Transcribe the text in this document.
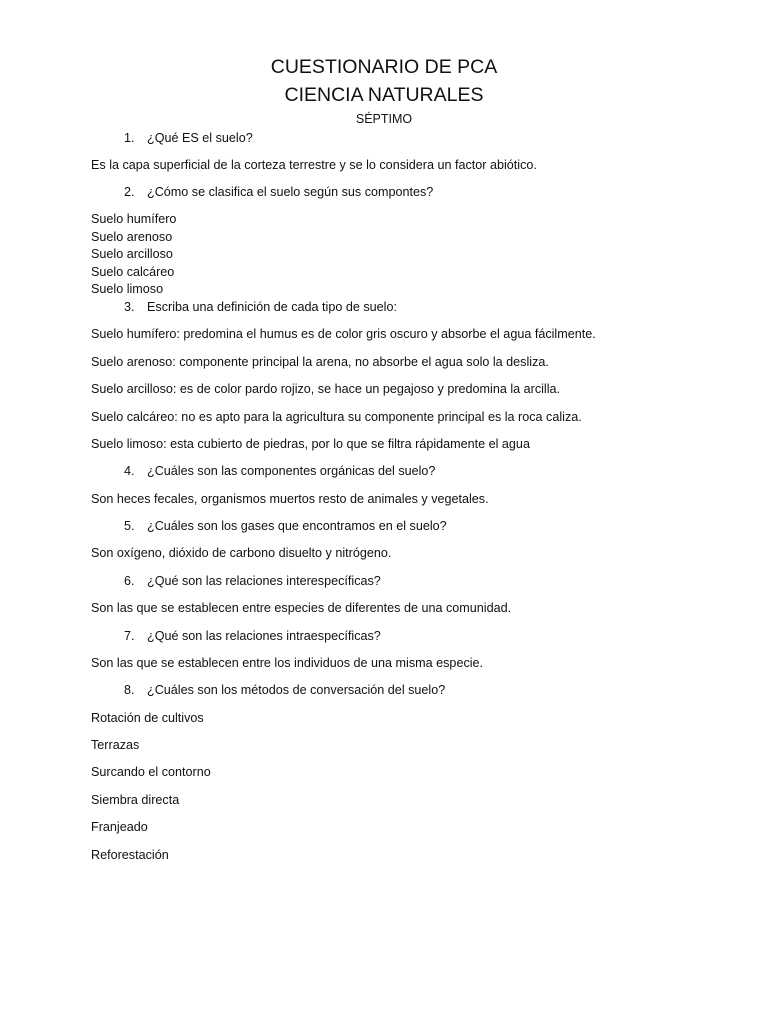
CUESTIONARIO DE PCA
CIENCIA NATURALES
SÉPTIMO
1. ¿Qué ES el suelo?
Es la capa superficial de la corteza terrestre y se lo considera un factor abiótico.
2. ¿Cómo se clasifica el suelo según sus compontes?
Suelo humífero
Suelo arenoso
Suelo arcilloso
Suelo calcáreo
Suelo limoso
3. Escriba una definición de cada tipo de suelo:
Suelo humífero: predomina el humus es de color gris oscuro y absorbe el agua fácilmente.
Suelo arenoso: componente principal la arena, no absorbe el agua solo la desliza.
Suelo arcilloso: es de color pardo rojizo, se hace un pegajoso y predomina la arcilla.
Suelo calcáreo: no es apto para la agricultura su componente principal es la roca caliza.
Suelo limoso: esta cubierto de piedras, por lo que se filtra rápidamente el agua
4. ¿Cuáles son las componentes orgánicas del suelo?
Son heces fecales, organismos muertos resto de animales y vegetales.
5. ¿Cuáles son los gases que encontramos en el suelo?
Son oxígeno, dióxido de carbono disuelto y nitrógeno.
6. ¿Qué son las relaciones interespecíficas?
Son las que se establecen entre especies de diferentes de una comunidad.
7. ¿Qué son las relaciones intraespecíficas?
Son las que se establecen entre los individuos de una misma especie.
8. ¿Cuáles son los métodos de conversación del suelo?
Rotación de cultivos
Terrazas
Surcando el contorno
Siembra directa
Franjeado
Reforestación
